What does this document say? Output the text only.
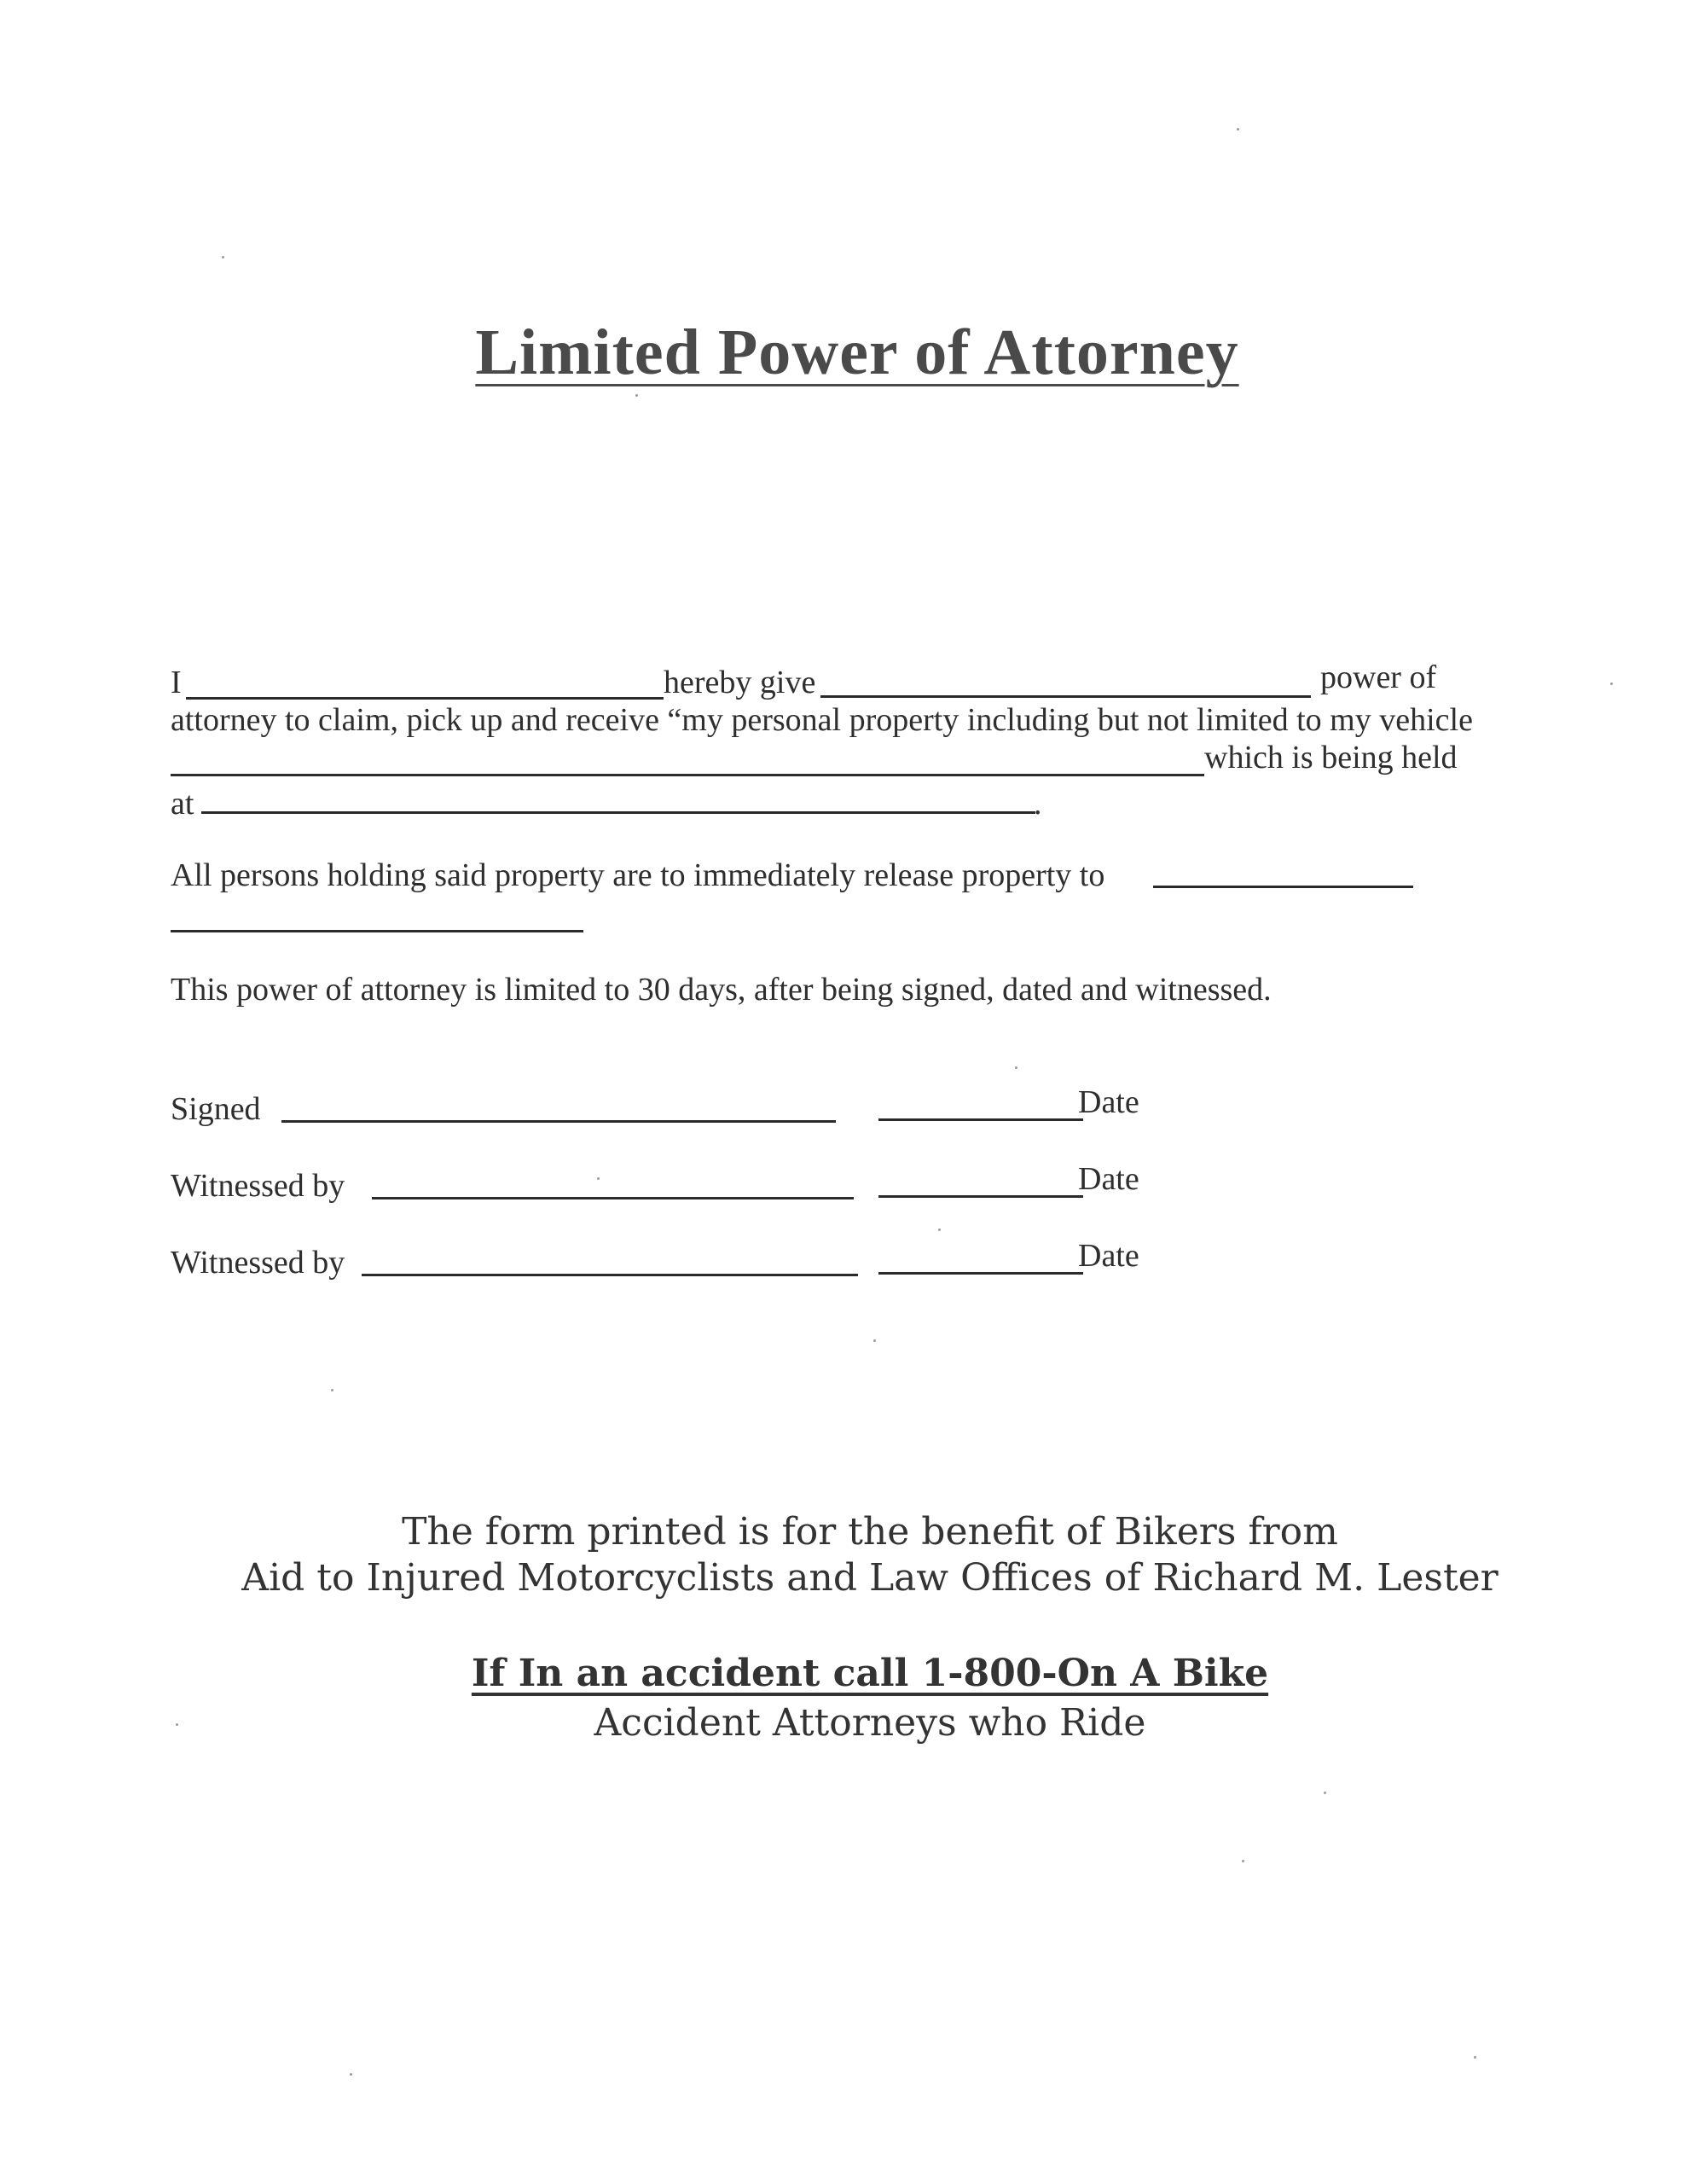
Limited Power of Attorney
I	hereby give	power of
attorney to claim, pick up and receive “my personal property including but not limited to my vehicle
which is being held
at	.
All persons holding said property are to immediately release property to
This power of attorney is limited to 30 days, after being signed, dated and witnessed.
Signed	Date
Witnessed by	Date
Witnessed by	Date
The form printed is for the benefit of Bikers from
Aid to Injured Motorcyclists and Law Offices of Richard M. Lester
If In an accident call 1-800-On A Bike
Accident Attorneys who Ride
